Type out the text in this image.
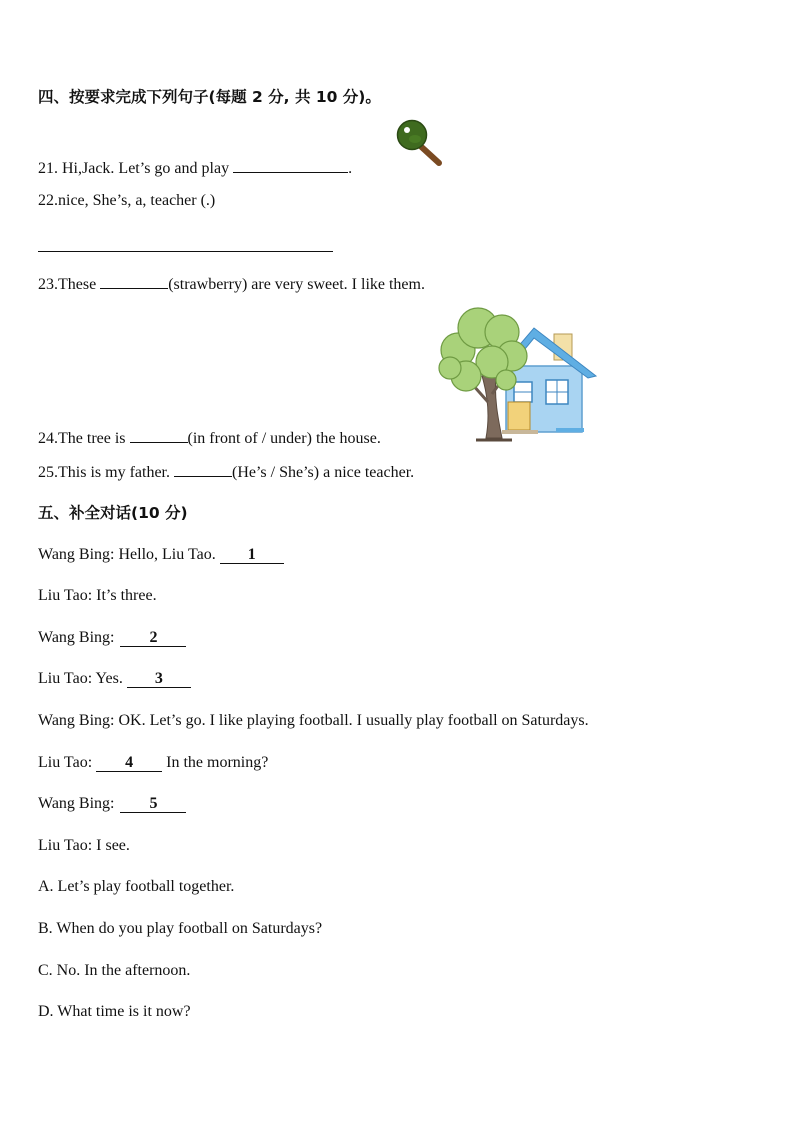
四、按要求完成下列句子(每题 2 分, 共 10 分)。
21. Hi,Jack. Let’s go and play	.
22.nice, She’s, a, teacher (.)
23.These	(strawberry) are very sweet. I like them.
24.The tree is	(in front of / under) the house.
25.This is my father.	(He’s / She’s) a nice teacher.
五、补全对话(10 分)
Wang Bing: Hello, Liu Tao. 1
Liu Tao: It’s three.
Wang Bing: 2
Liu Tao: Yes. 3
Wang Bing: OK. Let’s go. I like playing football. I usually play football on Saturdays.
Liu Tao: 4 In the morning?
Wang Bing: 5
Liu Tao: I see.
A. Let’s play football together.
B. When do you play football on Saturdays?
C. No. In the afternoon.
D. What time is it now?
